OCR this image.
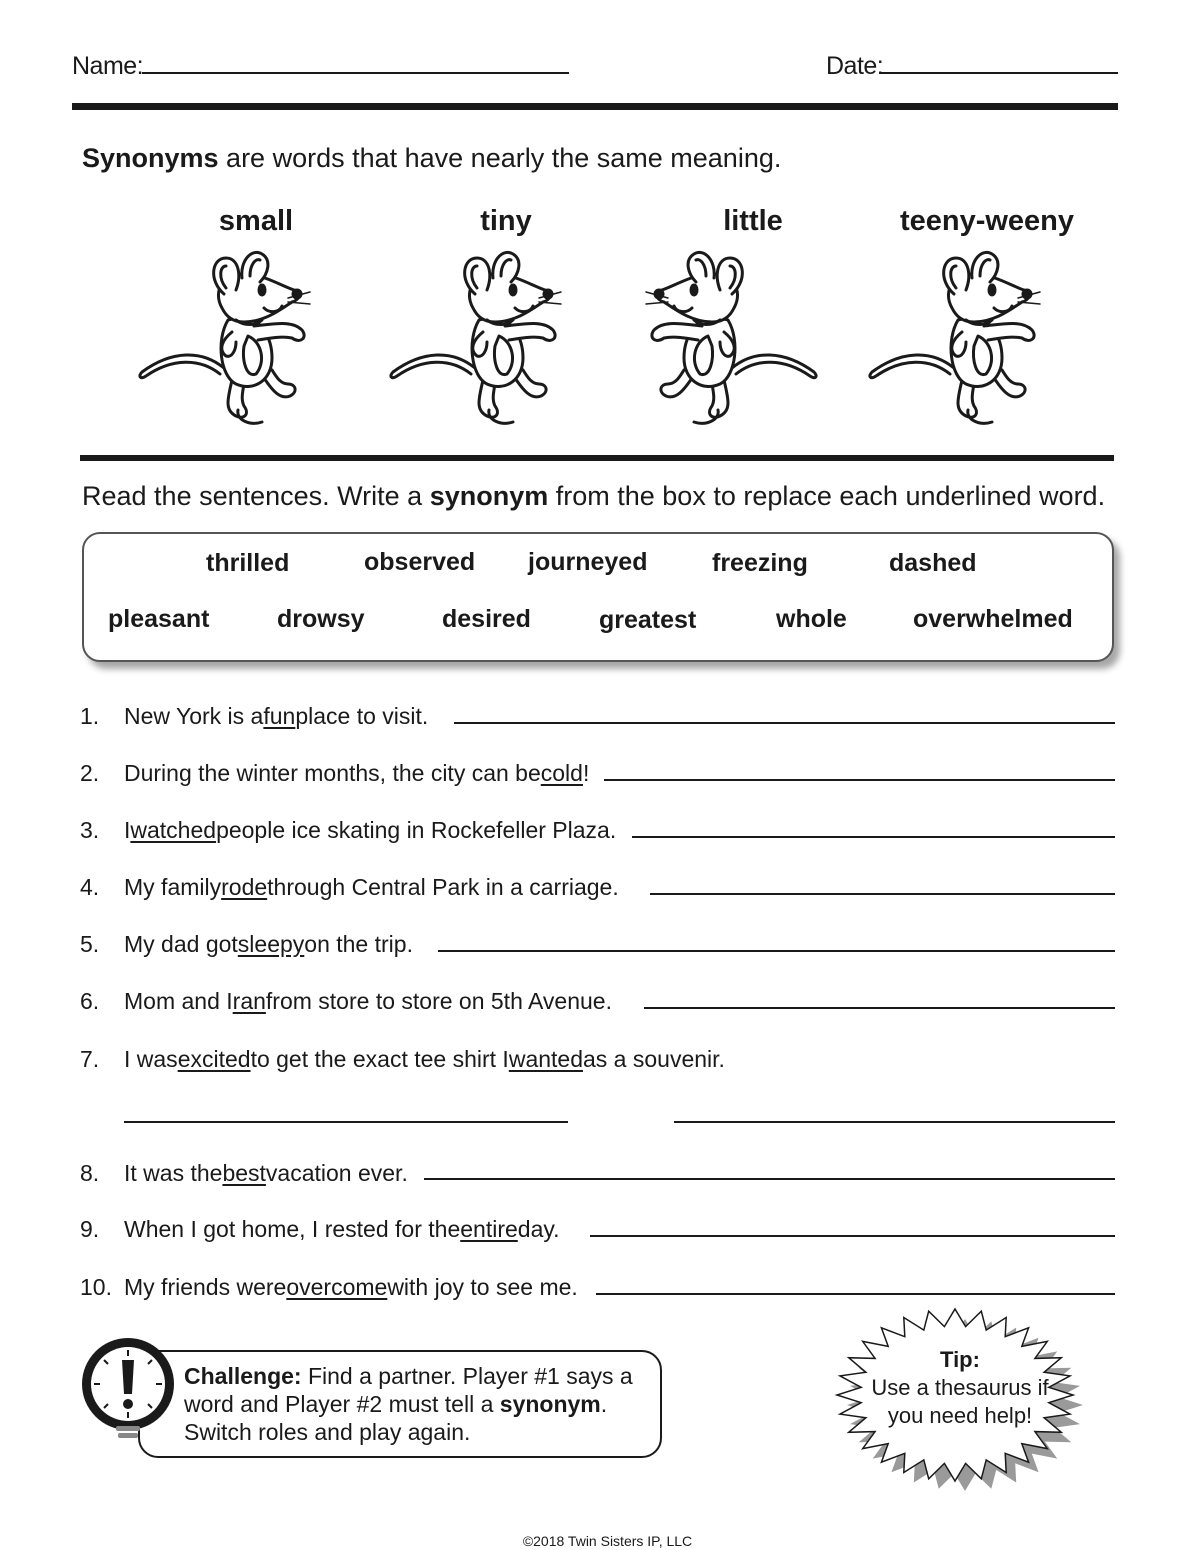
Name:	Date:
Synonyms are words that have nearly the same meaning.
small	tiny	little	teeny-weeny
Read the sentences. Write a synonym from the box to replace each underlined word.
thrilled	observed journeyed	freezing	dashed
pleasant	drowsy	desired	greatest	whole	overwhelmed
1.	New York is a fun place to visit.
2.	During the winter months, the city can be cold !
3.	I watched people ice skating in Rockefeller Plaza.
4.	My family rode through Central Park in a carriage.
5.	My dad got sleepy on the trip.
6.	Mom and I ran from store to store on 5th Avenue.
7.	I was excited to get the exact tee shirt I wanted as a souvenir.
8.	It was the best vacation ever.
9.	When I got home, I rested for the entire day.
10. My friends were overcome with joy to see me.
Challenge: Find a partner. Player #1 says a word and Player #2 must tell a synonym. Switch roles and play again.
Tip:
Use a thesaurus if you need help!
©2018 Twin Sisters IP, LLC
